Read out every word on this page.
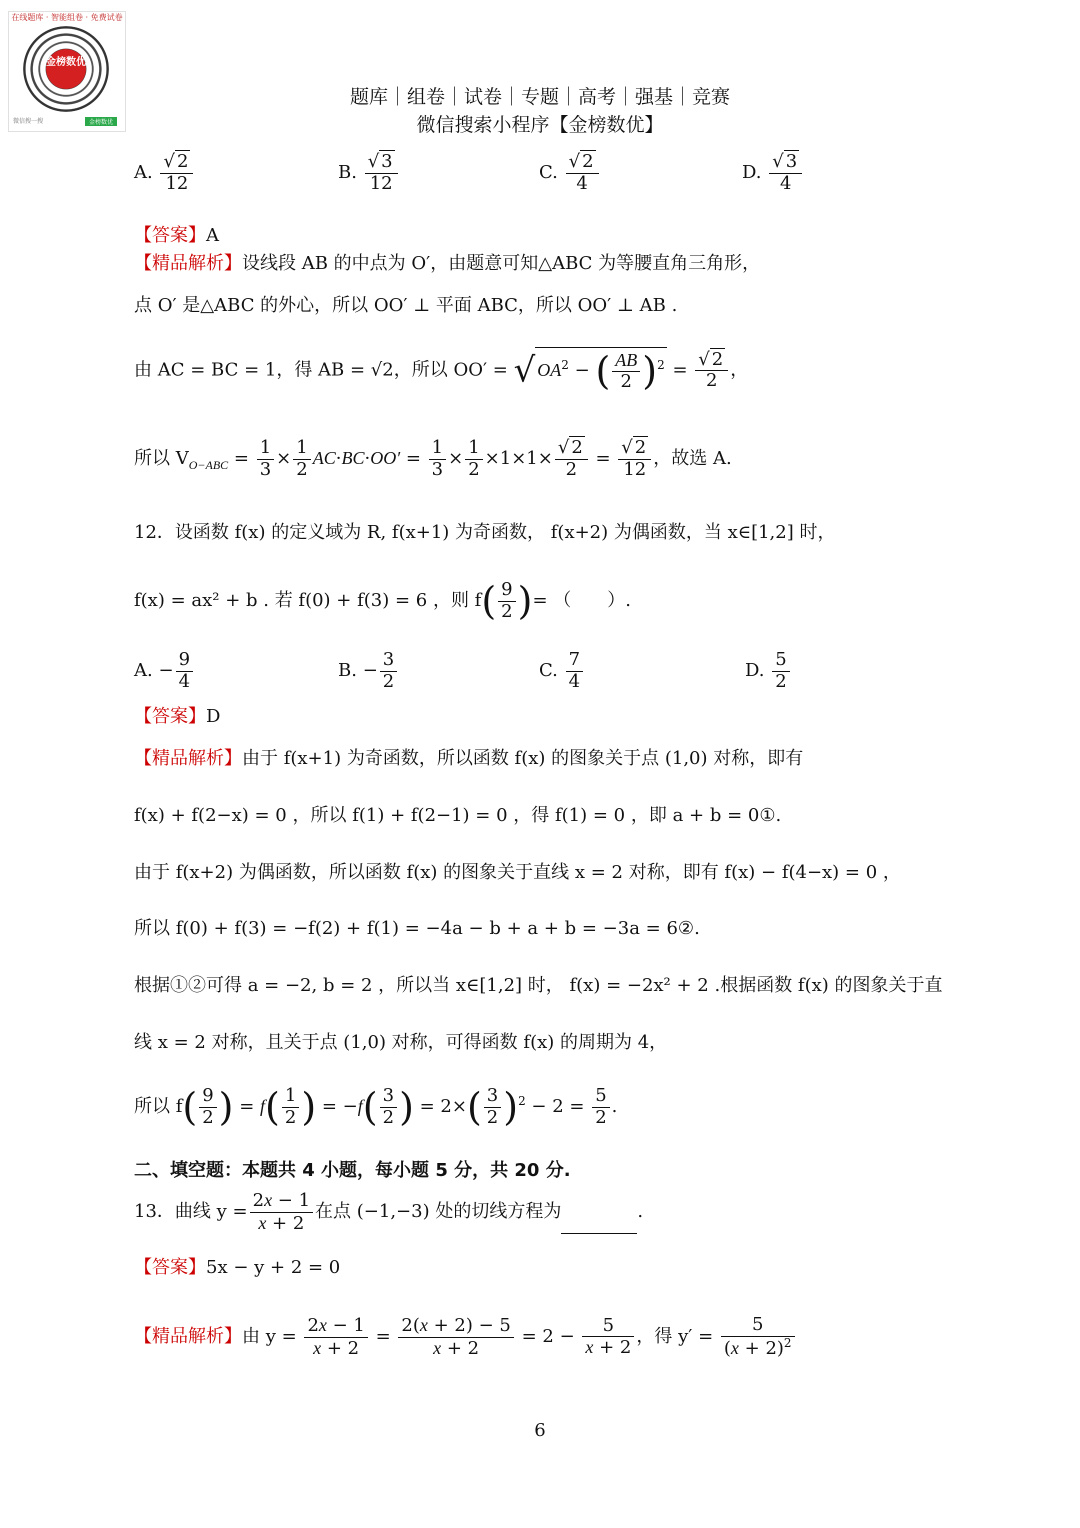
在线题库 · 智能组卷 · 免费试卷
金榜数优
微信搜一搜	金榜数优
题库｜组卷｜试卷｜专题｜高考｜强基｜竞赛
微信搜索小程序【金榜数优】
A. $\frac{√ 2}{12}$	B. $\frac{√ 3}{12}$	C. $\frac{√ 2}{4}$	D. $\frac{√ 3}{4}$
【答案】A
【精品解析】设线段 AB 的中点为 O′，由题意可知△ABC 为等腰直角三角形，
点 O′ 是△ABC 的外心，所以 OO′ ⊥ 平面 ABC，所以 OO′ ⊥ AB .
由 AC = BC = 1，得 AB = √2，所以 OO′ = √ $OA^2$ − ( $\frac{AB}{2} )^2 = \frac{√ 2}{2}$ ，
所以 $V_{O-ABC} = \frac{1}{3} \times \frac{1}{2} AC\cdot BC\cdot OO' = \frac{1}{3} \times \frac{1}{2} \times 1\times 1\times \frac{√ 2}{2} = \frac{√ 2}{12}$ ，故选 A.
12．设函数 f(x) 的定义域为 R, f(x+1) 为奇函数， f(x+2) 为偶函数，当 x∈[1,2] 时，
f(x) = ax² + b . 若 f(0) + f(3) = 6 ，则 $f( \frac{9}{2}$ )= （　　）.
A. − $\frac{9}{4}$	B. − $\frac{3}{2}$	C. $\frac{7}{4}$	D. $\frac{5}{2}$
【答案】D
【精品解析】由于 f(x+1) 为奇函数，所以函数 f(x) 的图象关于点 (1,0) 对称，即有
f(x) + f(2−x) = 0 ，所以 f(1) + f(2−1) = 0 ，得 f(1) = 0 ，即 a + b = 0①.
由于 f(x+2) 为偶函数，所以函数 f(x) 的图象关于直线 x = 2 对称，即有 f(x) − f(4−x) = 0 ，
所以 f(0) + f(3) = −f(2) + f(1) = −4a − b + a + b = −3a = 6②.
根据①②可得 a = −2, b = 2 ，所以当 x∈[1,2] 时， f(x) = −2x² + 2 .根据函数 f(x) 的图象关于直
线 x = 2 对称，且关于点 (1,0) 对称，可得函数 f(x) 的周期为 4，
所以 $f( \frac{9}{2}$ ) = $f( \frac{1}{2}$ ) = $-f( \frac{3}{2}$ ) = $2\times( \frac{3}{2} )^2 - 2 = \frac{5}{2}$ .
二、填空题：本题共 4 小题，每小题 5 分，共 20 分.
13．曲线 $y = \frac{2x - 1}{x + 2}$ 在点 (−1,−3) 处的切线方程为	.
【答案】5x − y + 2 = 0
【精品解析】由 $y = \frac{2x - 1}{x + 2} = \frac{2(x + 2) - 5}{x + 2} = 2 - \frac{5}{x + 2}$ ，得 $y' = \frac{5}{(x + 2)^2}$
6
